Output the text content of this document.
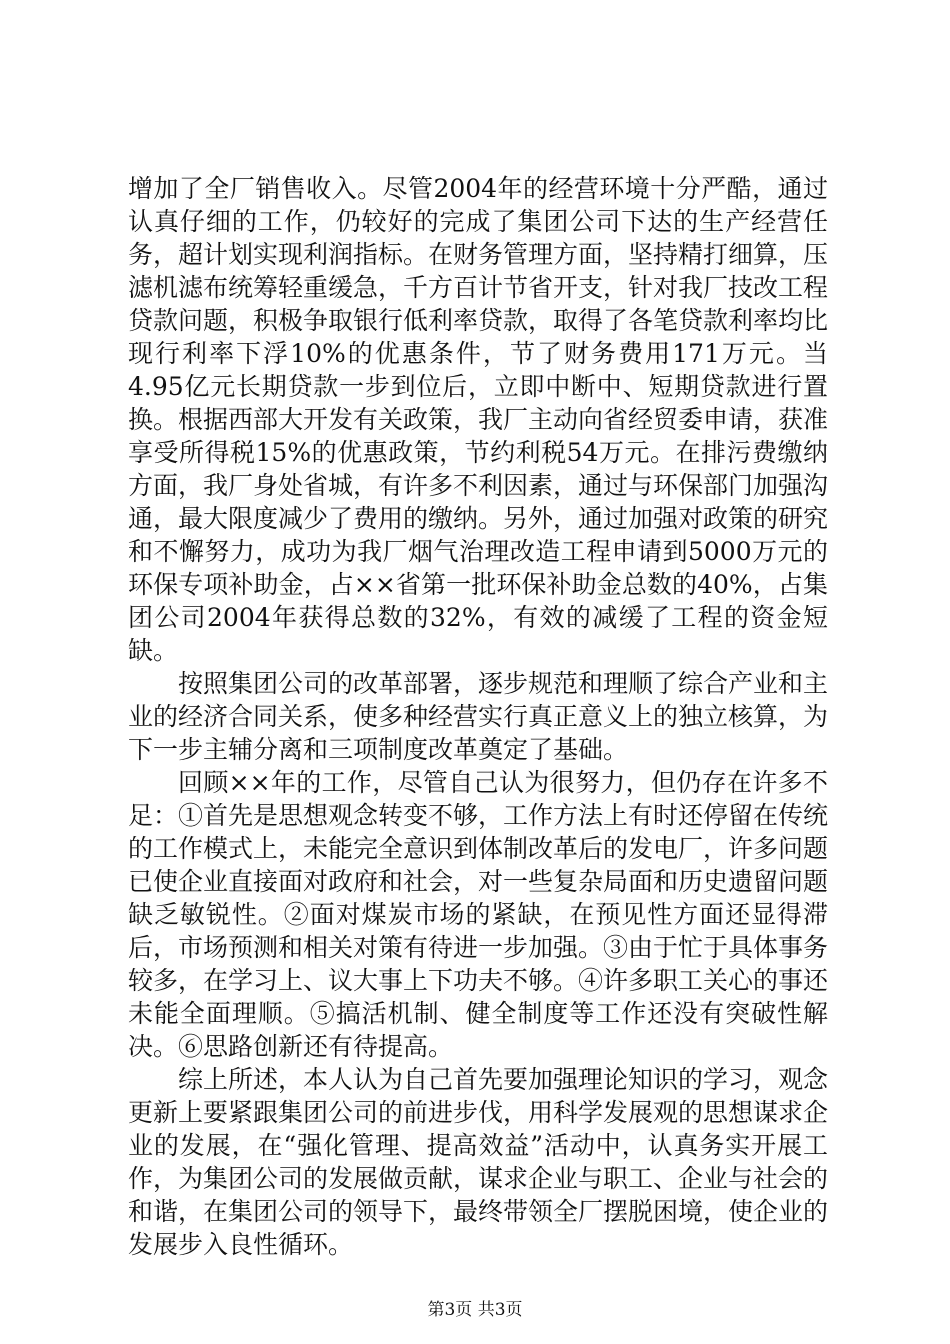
增加了全厂销售收入。尽管2004年的经营环境十分严酷，通过认真仔细的工作，仍较好的完成了集团公司下达的生产经营任务，超计划实现利润指标。在财务管理方面，坚持精打细算，压滤机滤布统筹轻重缓急，千方百计节省开支，针对我厂技改工程贷款问题，积极争取银行低利率贷款，取得了各笔贷款利率均比现行利率下浮10%的优惠条件，节了财务费用171万元。当4.95亿元长期贷款一步到位后，立即中断中、短期贷款进行置换。根据西部大开发有关政策，我厂主动向省经贸委申请，获准享受所得税15%的优惠政策，节约利税54万元。在排污费缴纳方面，我厂身处省城，有许多不利因素，通过与环保部门加强沟通，最大限度减少了费用的缴纳。另外，通过加强对政策的研究和不懈努力，成功为我厂烟气治理改造工程申请到5000万元的环保专项补助金，占××省第一批环保补助金总数的40%，占集团公司2004年获得总数的32%，有效的减缓了工程的资金短缺。

按照集团公司的改革部署，逐步规范和理顺了综合产业和主业的经济合同关系，使多种经营实行真正意义上的独立核算，为下一步主辅分离和三项制度改革奠定了基础。

回顾××年的工作，尽管自己认为很努力，但仍存在许多不足：①首先是思想观念转变不够，工作方法上有时还停留在传统的工作模式上，未能完全意识到体制改革后的发电厂，许多问题已使企业直接面对政府和社会，对一些复杂局面和历史遗留问题缺乏敏锐性。②面对煤炭市场的紧缺，在预见性方面还显得滞后，市场预测和相关对策有待进一步加强。③由于忙于具体事务较多，在学习上、议大事上下功夫不够。④许多职工关心的事还未能全面理顺。⑤搞活机制、健全制度等工作还没有突破性解决。⑥思路创新还有待提高。

综上所述，本人认为自己首先要加强理论知识的学习，观念更新上要紧跟集团公司的前进步伐，用科学发展观的思想谋求企业的发展，在“强化管理、提高效益”活动中，认真务实开展工作，为集团公司的发展做贡献，谋求企业与职工、企业与社会的和谐，在集团公司的领导下，最终带领全厂摆脱困境，使企业的发展步入良性循环。

第3页 共3页
